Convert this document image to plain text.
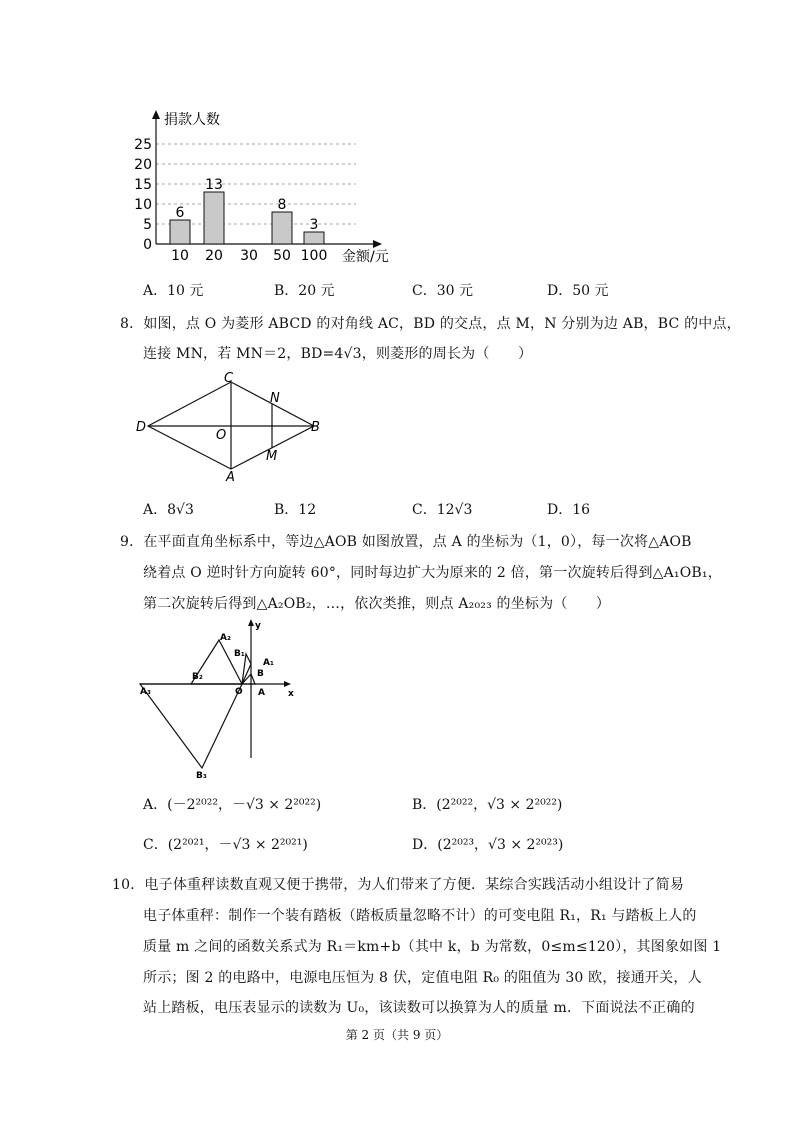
捐款人数
金额/元
25
20
15
10
5
0
6
13
8
3
10 20 30 50 100
A．10 元	B．20 元	C．30 元	D．50 元
8．如图，点 O 为菱形 ABCD 的对角线 AC，BD 的交点，点 M，N 分别为边 AB，BC 的中点，
连接 MN，若 MN＝2，BD=4√3，则菱形的周长为（　　）
C
N
D
O
B
M
A
A．8√3	B．12	C．12√3	D．16
9．在平面直角坐标系中，等边△AOB 如图放置，点 A 的坐标为（1，0），每一次将△AOB
绕着点 O 逆时针方向旋转 60°，同时每边扩大为原来的 2 倍，第一次旋转后得到△A₁OB₁，
第二次旋转后得到△A₂OB₂，…，依次类推，则点 A₂₀₂₃ 的坐标为（　　）
y
x
A₂
B₁
A₁
B
B₂
A₃	O A
B₃
A．(－2²⁰²²，－√3 × 2²⁰²²)	B．(2²⁰²²，√3 × 2²⁰²²)
C．(2²⁰²¹，－√3 × 2²⁰²¹)	D．(2²⁰²³，√3 × 2²⁰²³)
10．电子体重秤读数直观又便于携带，为人们带来了方便．某综合实践活动小组设计了简易
电子体重秤：制作一个装有踏板（踏板质量忽略不计）的可变电阻 R₁，R₁ 与踏板上人的
质量 m 之间的函数关系式为 R₁＝km+b（其中 k，b 为常数，0≤m≤120），其图象如图 1
所示；图 2 的电路中，电源电压恒为 8 伏，定值电阻 R₀ 的阻值为 30 欧，接通开关，人
站上踏板，电压表显示的读数为 U₀，该读数可以换算为人的质量 m．下面说法不正确的
第 2 页（共 9 页）
